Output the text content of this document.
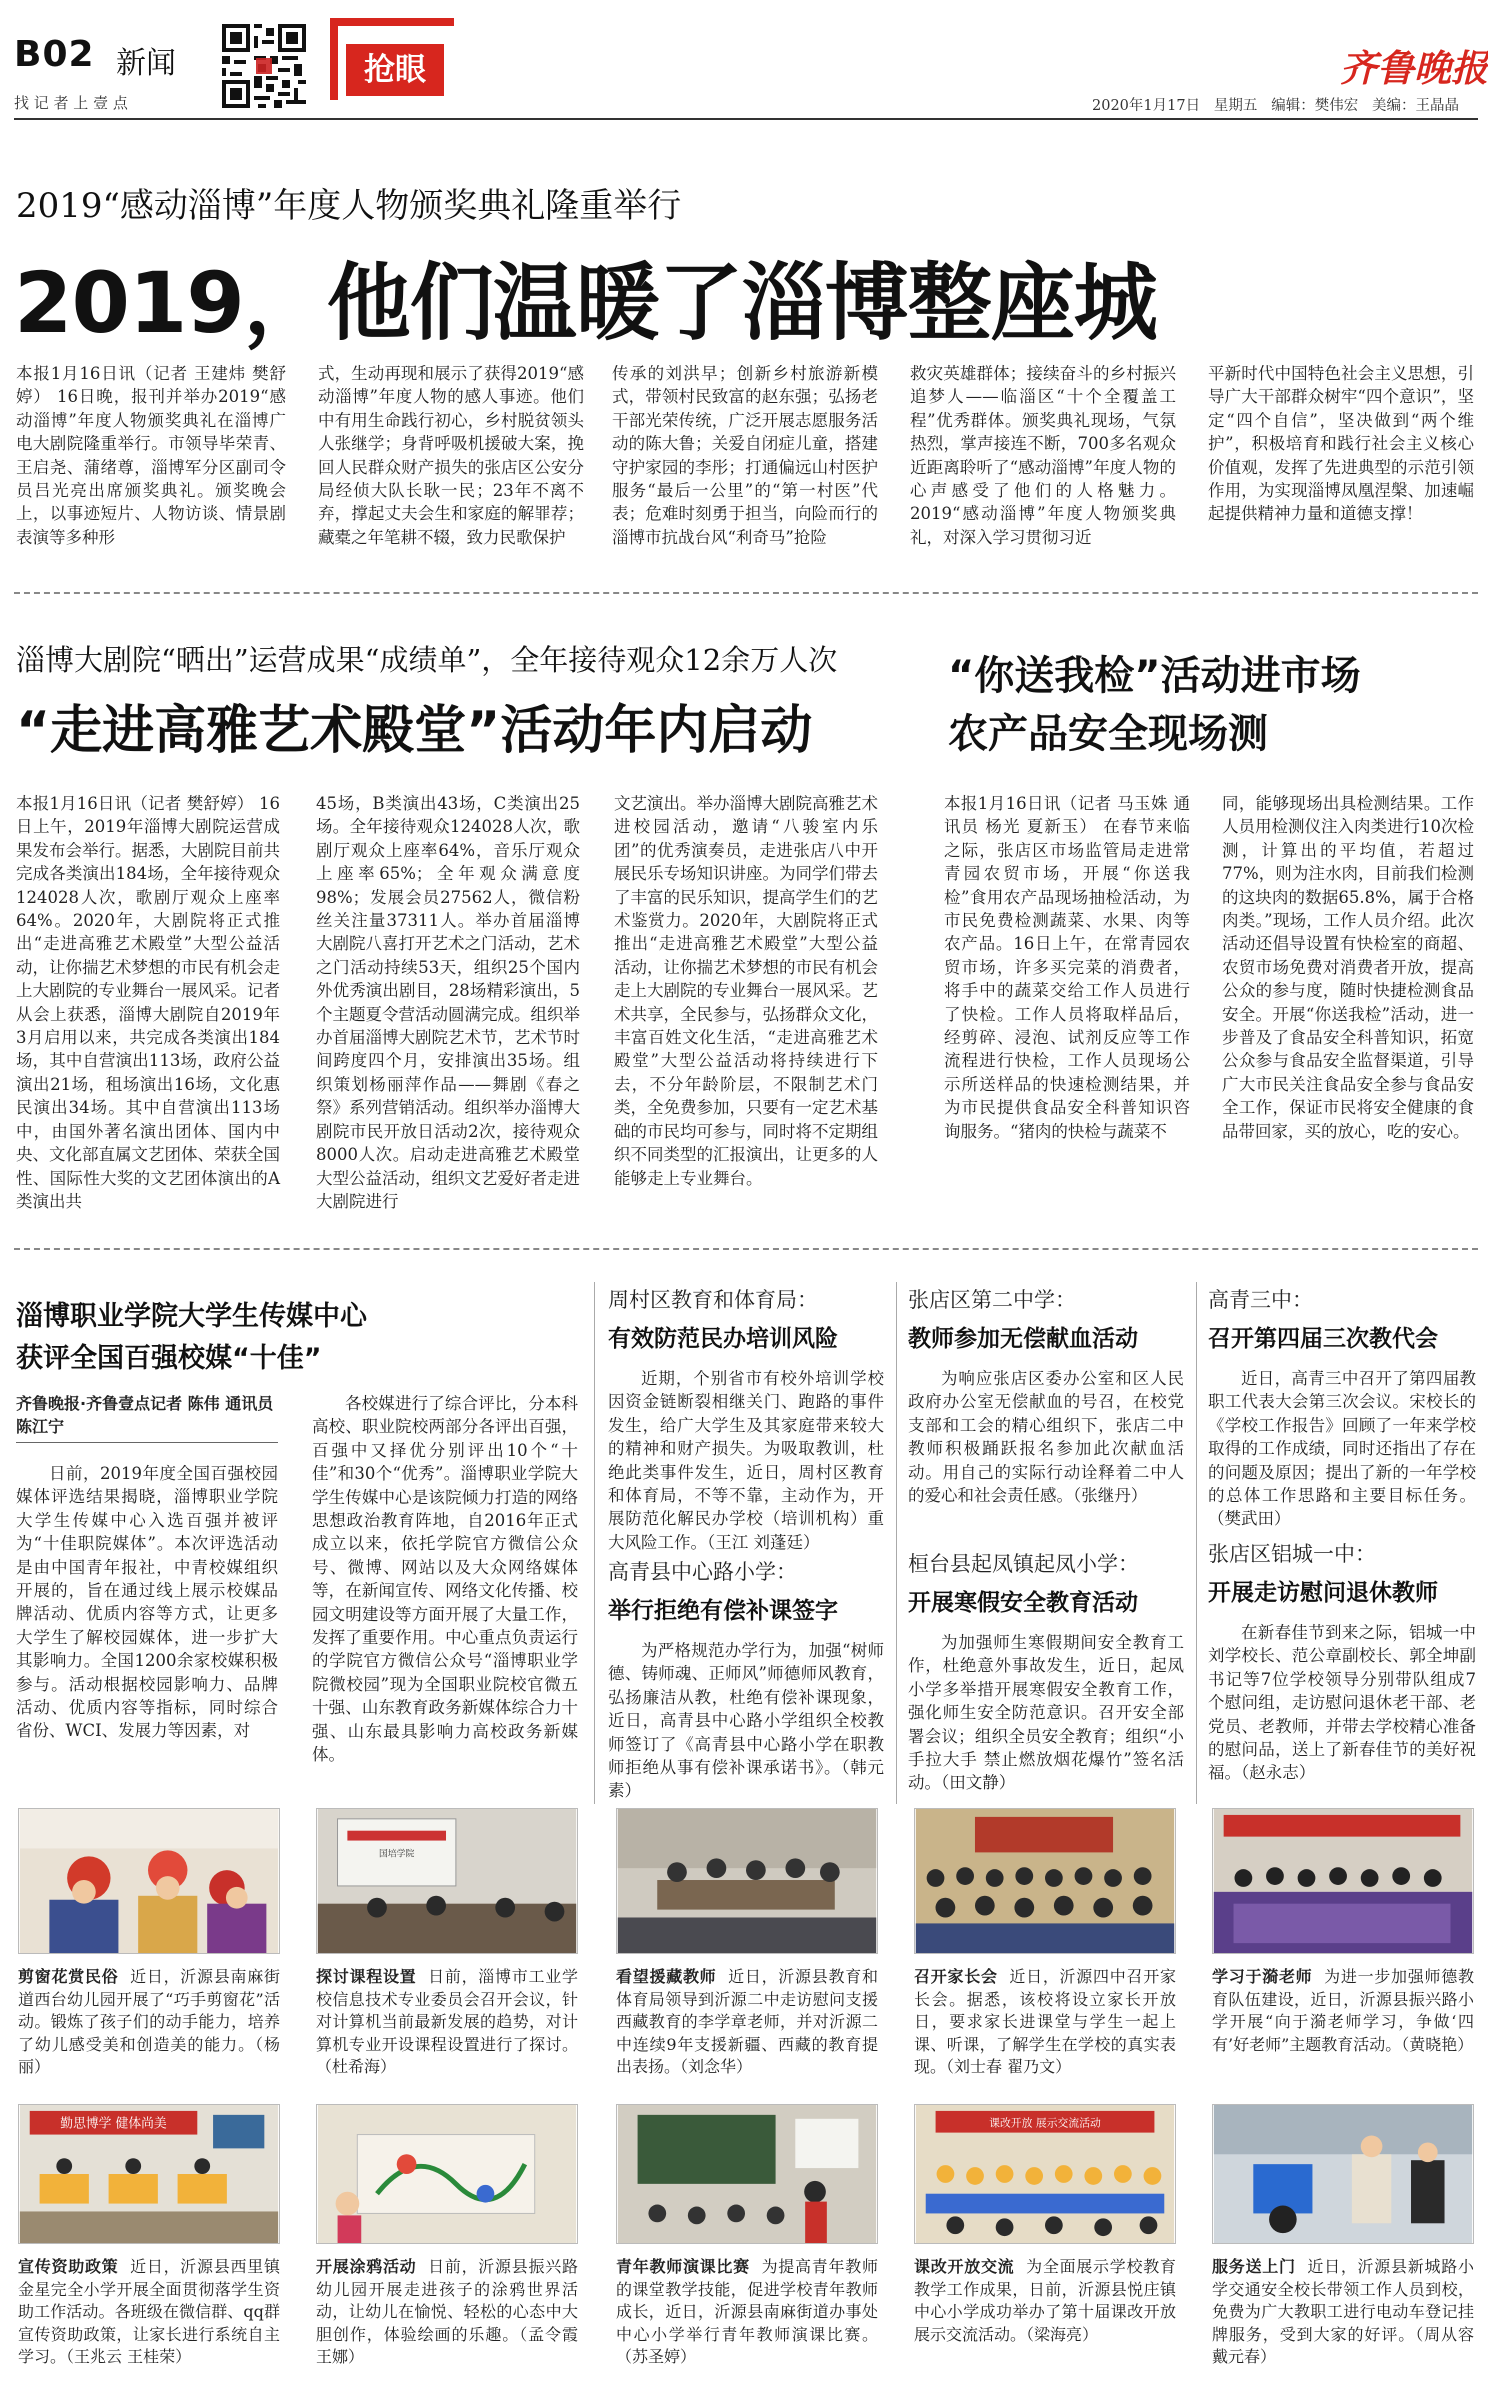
B02 新闻
找 记 者 上 壹 点
抢眼
2020年1月17日   星期五   编辑：樊伟宏   美编：王晶晶
齐鲁晚报
2019“感动淄博”年度人物颁奖典礼隆重举行
2019，他们温暖了淄博整座城

本报1月16日讯（记者 王建炜 樊舒婷） 16日晚，报刊并举办2019“感动淄博”年度人物颁奖典礼在淄博广电大剧院隆重举行。市领导毕荣青、王启尧、蒲绪尊，淄博军分区副司令员吕光亮出席颁奖典礼。颁奖晚会上，以事迹短片、人物访谈、情景剧表演等多种形

式，生动再现和展示了获得2019“感动淄博”年度人物的感人事迹。他们中有用生命践行初心，乡村脱贫领头人张继学；身背呼吸机援破大案，挽回人民群众财产损失的张店区公安分局经侦大队长耿一民；23年不离不弃，撑起丈夫会生和家庭的解罪荐；藏橐之年笔耕不辍，致力民歌保护

传承的刘洪早；创新乡村旅游新模式，带领村民致富的赵东强；弘扬老干部光荣传统，广泛开展志愿服务活动的陈大鲁；关爱自闭症儿童，搭建守护家园的李彤；打通偏远山村医护服务“最后一公里”的“第一村医”代表；危难时刻勇于担当，向险而行的淄博市抗战台风“利奇马”抢险

救灾英雄群体；接续奋斗的乡村振兴追梦人——临淄区“十个全覆盖工程”优秀群体。颁奖典礼现场，气氛热烈，掌声接连不断，700多名观众近距离聆听了“感动淄博”年度人物的心声感受了他们的人格魅力。2019“感动淄博”年度人物颁奖典礼，对深入学习贯彻习近

平新时代中国特色社会主义思想，引导广大干部群众树牢“四个意识”，坚定“四个自信”，坚决做到“两个维护”，积极培育和践行社会主义核心价值观，发挥了先进典型的示范引领作用，为实现淄博凤凰涅槃、加速崛起提供精神力量和道德支撑！

淄博大剧院“晒出”运营成果“成绩单”，全年接待观众12余万人次
“走进高雅艺术殿堂”活动年内启动

本报1月16日讯（记者 樊舒婷） 16日上午，2019年淄博大剧院运营成果发布会举行。据悉，大剧院目前共完成各类演出184场，全年接待观众124028人次，歌剧厅观众上座率64%。2020年，大剧院将正式推出“走进高雅艺术殿堂”大型公益活动，让你揣艺术梦想的市民有机会走上大剧院的专业舞台一展风采。记者从会上获悉，淄博大剧院自2019年3月启用以来，共完成各类演出184场，其中自营演出113场，政府公益演出21场，租场演出16场，文化惠民演出34场。其中自营演出113场中，由国外著名演出团体、国内中央、文化部直属文艺团体、荣获全国性、国际性大奖的文艺团体演出的A类演出共

45场，B类演出43场，C类演出25场。全年接待观众124028人次，歌剧厅观众上座率64%，音乐厅观众上座率65%；全年观众满意度98%；发展会员27562人，微信粉丝关注量37311人。举办首届淄博大剧院八喜打开艺术之门活动，艺术之门活动持续53天，组织25个国内外优秀演出剧目，28场精彩演出，5个主题夏令营活动圆满完成。组织举办首届淄博大剧院艺术节，艺术节时间跨度四个月，安排演出35场。组织策划杨丽萍作品——舞剧《春之祭》系列营销活动。组织举办淄博大剧院市民开放日活动2次，接待观众8000人次。启动走进高雅艺术殿堂大型公益活动，组织文艺爱好者走进大剧院进行

文艺演出。举办淄博大剧院高雅艺术进校园活动，邀请“八骏室内乐团”的优秀演奏员，走进张店八中开展民乐专场知识讲座。为同学们带去了丰富的民乐知识，提高学生们的艺术鉴赏力。2020年，大剧院将正式推出“走进高雅艺术殿堂”大型公益活动，让你揣艺术梦想的市民有机会走上大剧院的专业舞台一展风采。艺术共享，全民参与，弘扬群众文化，丰富百姓文化生活，“走进高雅艺术殿堂”大型公益活动将持续进行下去，不分年龄阶层，不限制艺术门类，全免费参加，只要有一定艺术基础的市民均可参与，同时将不定期组织不同类型的汇报演出，让更多的人能够走上专业舞台。

“你送我检”活动进市场
农产品安全现场测

本报1月16日讯（记者 马玉姝 通讯员 杨光 夏新玉） 在春节来临之际，张店区市场监管局走进常青园农贸市场，开展“你送我检”食用农产品现场抽检活动，为市民免费检测蔬菜、水果、肉等农产品。16日上午，在常青园农贸市场，许多买完菜的消费者，将手中的蔬菜交给工作人员进行了快检。工作人员将取样品后，经剪碎、浸泡、试剂反应等工作流程进行快检，工作人员现场公示所送样品的快速检测结果，并为市民提供食品安全科普知识咨询服务。“猪肉的快检与蔬菜不

同，能够现场出具检测结果。工作人员用检测仪注入肉类进行10次检测，计算出的平均值，若超过77%，则为注水肉，目前我们检测的这块肉的数据65.8%，属于合格肉类。”现场，工作人员介绍。此次活动还倡导设置有快检室的商超、农贸市场免费对消费者开放，提高公众的参与度，随时快捷检测食品安全。开展“你送我检”活动，进一步普及了食品安全科普知识，拓宽公众参与食品安全监督渠道，引导广大市民关注食品安全参与食品安全工作，保证市民将安全健康的食品带回家，买的放心，吃的安心。

淄博职业学院大学生传媒中心
获评全国百强校媒“十佳”
齐鲁晚报·齐鲁壹点记者 陈伟 通讯员 陈江宁

日前，2019年度全国百强校园媒体评选结果揭晓，淄博职业学院大学生传媒中心入选百强并被评为“十佳职院媒体”。本次评选活动是由中国青年报社，中青校媒组织开展的，旨在通过线上展示校媒品牌活动、优质内容等方式，让更多大学生了解校园媒体，进一步扩大其影响力。全国1200余家校媒积极参与。活动根据校园影响力、品牌活动、优质内容等指标，同时综合省份、WCI、发展力等因素，对

各校媒进行了综合评比，分本科高校、职业院校两部分各评出百强，百强中又择优分别评出10个“十佳”和30个“优秀”。淄博职业学院大学生传媒中心是该院倾力打造的网络思想政治教育阵地，自2016年正式成立以来，依托学院官方微信公众号、微博、网站以及大众网络媒体等，在新闻宣传、网络文化传播、校园文明建设等方面开展了大量工作，发挥了重要作用。中心重点负责运行的学院官方微信公众号“淄博职业学院微校园”现为全国职业院校官微五十强、山东教育政务新媒体综合力十强、山东最具影响力高校政务新媒体。

周村区教育和体育局：
有效防范民办培训风险

近期，个别省市有校外培训学校因资金链断裂相继关门、跑路的事件发生，给广大学生及其家庭带来较大的精神和财产损失。为吸取教训，杜绝此类事件发生，近日，周村区教育和体育局，不等不靠，主动作为，开展防范化解民办学校（培训机构）重大风险工作。（王江 刘蓬廷）

高青县中心路小学：
举行拒绝有偿补课签字

为严格规范办学行为，加强“树师德、铸师魂、正师风”师德师风教育，弘扬廉洁从教，杜绝有偿补课现象，近日，高青县中心路小学组织全校教师签订了《高青县中心路小学在职教师拒绝从事有偿补课承诺书》。（韩元素）

张店区第二中学：
教师参加无偿献血活动

为响应张店区委办公室和区人民政府办公室无偿献血的号召，在校党支部和工会的精心组织下，张店二中教师积极踊跃报名参加此次献血活动。用自己的实际行动诠释着二中人的爱心和社会责任感。（张继丹）

桓台县起凤镇起凤小学：
开展寒假安全教育活动

为加强师生寒假期间安全教育工作，杜绝意外事故发生，近日，起凤小学多举措开展寒假安全教育工作，强化师生安全防范意识。召开安全部署会议；组织全员安全教育；组织“小手拉大手 禁止燃放烟花爆竹”签名活动。（田文静）

高青三中：
召开第四届三次教代会

近日，高青三中召开了第四届教职工代表大会第三次会议。宋校长的《学校工作报告》回顾了一年来学校取得的工作成绩，同时还指出了存在的问题及原因；提出了新的一年学校的总体工作思路和主要目标任务。（樊武田）

张店区铝城一中：
开展走访慰问退休教师

在新春佳节到来之际，铝城一中刘学校长、范公章副校长、郭全坤副书记等7位学校领导分别带队组成7个慰问组，走访慰问退休老干部、老党员、老教师，并带去学校精心准备的慰问品，送上了新春佳节的美好祝福。（赵永志）

国培学院
剪窗花赏民俗 近日，沂源县南麻街道西台幼儿园开展了“巧手剪窗花”活动。锻炼了孩子们的动手能力，培养了幼儿感受美和创造美的能力。（杨丽）
探讨课程设置 日前，淄博市工业学校信息技术专业委员会召开会议，针对计算机当前最新发展的趋势，对计算机专业开设课程设置进行了探讨。（杜希海）
看望援藏教师 近日，沂源县教育和体育局领导到沂源二中走访慰问支援西藏教育的李学章老师，并对沂源二中连续9年支援新疆、西藏的教育提出表扬。（刘念华）
召开家长会 近日，沂源四中召开家长会。据悉，该校将设立家长开放日，要求家长进课堂与学生一起上课、听课，了解学生在学校的真实表现。（刘士春 翟乃文）
学习于漪老师 为进一步加强师德教育队伍建设，近日，沂源县振兴路小学开展“向于漪老师学习，争做‘四有’好老师”主题教育活动。（黄晓艳）
勤思博学 健体尚美	课改开放 展示交流活动
宣传资助政策 近日，沂源县西里镇金星完全小学开展全面贯彻落学生资助工作活动。各班级在微信群、qq群宣传资助政策，让家长进行系统自主学习。（王兆云 王桂荣）
开展涂鸦活动 日前，沂源县振兴路幼儿园开展走进孩子的涂鸦世界活动，让幼儿在愉悦、轻松的心态中大胆创作，体验绘画的乐趣。（孟令霞 王娜）
青年教师演课比赛 为提高青年教师的课堂教学技能，促进学校青年教师成长，近日，沂源县南麻街道办事处中心小学举行青年教师演课比赛。（苏圣婷）
课改开放交流 为全面展示学校教育教学工作成果，日前，沂源县悦庄镇中心小学成功举办了第十届课改开放展示交流活动。（梁海亮）
服务送上门 近日，沂源县新城路小学交通安全校长带领工作人员到校，免费为广大教职工进行电动车登记挂牌服务，受到大家的好评。（周从容 戴元春）
